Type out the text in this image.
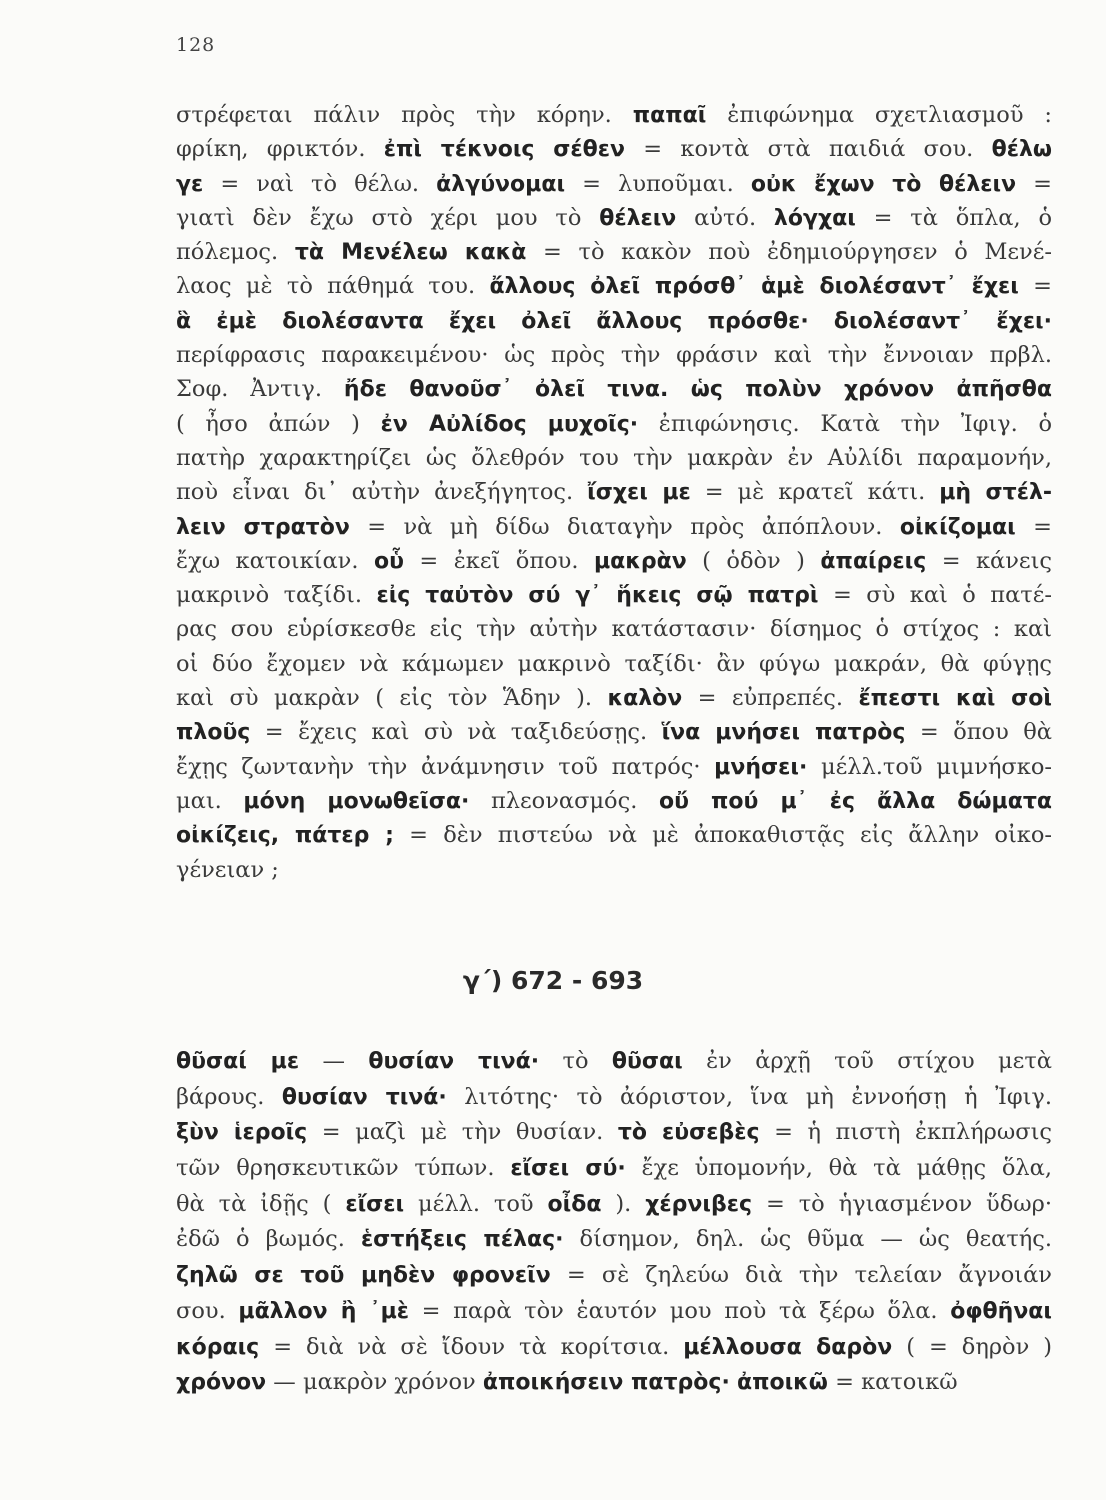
128
στρέφεται πάλιν πρὸς τὴν κόρην. παπαῖ ἐπιφώνημα σχετλιασμοῦ :
φρίκη, φρικτόν. ἐπὶ τέκνοις σέθεν = κοντὰ στὰ παιδιά σου. θέλω
γε = ναὶ τὸ θέλω. ἀλγύνομαι = λυποῦμαι. οὐκ ἔχων τὸ θέλειν =
γιατὶ δὲν ἔχω στὸ χέρι μου τὸ θέλειν αὐτό. λόγχαι = τὰ ὅπλα, ὁ
πόλεμος. τὰ Μενέλεω κακὰ = τὸ κακὸν ποὺ ἐδημιούργησεν ὁ Μενέ-
λαος μὲ τὸ πάθημά του. ἄλλους ὀλεῖ πρόσθ᾽ ἁμὲ διολέσαντ᾽ ἔχει =
ἃ ἐμὲ διολέσαντα ἔχει ὀλεῖ ἄλλους πρόσθε· διολέσαντ᾽ ἔχει·
περίφρασις παρακειμένου· ὡς πρὸς τὴν φράσιν καὶ τὴν ἔννοιαν πρβλ.
Σοφ. Ἀντιγ. ἤδε θανοῦσ᾽ ὀλεῖ τινα. ὡς πολὺν χρόνον ἀπῆσθα
( ἦσο ἀπών ) ἐν Αὐλίδος μυχοῖς· ἐπιφώνησις. Κατὰ τὴν Ἰφιγ. ὁ
πατὴρ χαρακτηρίζει ὡς ὄλεθρόν του τὴν μακρὰν ἐν Αὐλίδι παραμονήν,
ποὺ εἶναι δι᾽ αὐτὴν ἀνεξήγητος. ἴσχει με = μὲ κρατεῖ κάτι. μὴ στέλ-
λειν στρατὸν = νὰ μὴ δίδω διαταγὴν πρὸς ἀπόπλουν. οἰκίζομαι =
ἔχω κατοικίαν. οὗ = ἐκεῖ ὅπου. μακρὰν ( ὁδὸν ) ἀπαίρεις = κάνεις
μακρινὸ ταξίδι. εἰς ταὐτὸν σύ γ᾽ ἥκεις σῷ πατρὶ = σὺ καὶ ὁ πατέ-
ρας σου εὑρίσκεσθε εἰς τὴν αὐτὴν κατάστασιν· δίσημος ὁ στίχος : καὶ
οἱ δύο ἔχομεν νὰ κάμωμεν μακρινὸ ταξίδι· ἂν φύγω μακράν, θὰ φύγῃς
καὶ σὺ μακρὰν ( εἰς τὸν Ἅδην ). καλὸν = εὐπρεπές. ἔπεστι καὶ σοὶ
πλοῦς = ἔχεις καὶ σὺ νὰ ταξιδεύσῃς. ἵνα μνήσει πατρὸς = ὅπου θὰ
ἔχῃς ζωντανὴν τὴν ἀνάμνησιν τοῦ πατρός· μνήσει· μέλλ.τοῦ μιμνήσκο-
μαι. μόνη μονωθεῖσα· πλεονασμός. οὔ πού μ᾽ ἐς ἄλλα δώματα
οἰκίζεις, πάτερ ; = δὲν πιστεύω νὰ μὲ ἀποκαθιστᾷς εἰς ἄλλην οἰκο-
γένειαν ;
γ΄) 672 - 693
θῦσαί με — θυσίαν τινά· τὸ θῦσαι ἐν ἀρχῇ τοῦ στίχου μετὰ
βάρους. θυσίαν τινά· λιτότης· τὸ ἀόριστον, ἵνα μὴ ἐννοήσῃ ἡ Ἰφιγ.
ξὺν ἱεροῖς = μαζὶ μὲ τὴν θυσίαν. τὸ εὐσεβὲς = ἡ πιστὴ ἐκπλήρωσις
τῶν θρησκευτικῶν τύπων. εἴσει σύ· ἔχε ὑπομονήν, θὰ τὰ μάθῃς ὅλα,
θὰ τὰ ἰδῇς ( εἴσει μέλλ. τοῦ οἶδα ). χέρνιβες = τὸ ἡγιασμένον ὕδωρ·
ἐδῶ ὁ βωμός. ἑστήξεις πέλας· δίσημον, δηλ. ὡς θῦμα — ὡς θεατής.
ζηλῶ σε τοῦ μηδὲν φρονεῖν = σὲ ζηλεύω διὰ τὴν τελείαν ἄγνοιάν
σου. μᾶλλον ἢ ᾽μὲ = παρὰ τὸν ἑαυτόν μου ποὺ τὰ ξέρω ὅλα. ὀφθῆναι
κόραις = διὰ νὰ σὲ ἴδουν τὰ κορίτσια. μέλλουσα δαρὸν ( = δηρὸν )
χρόνον — μακρὸν χρόνον ἀποικήσειν πατρὸς· ἀποικῶ = κατοικῶ
